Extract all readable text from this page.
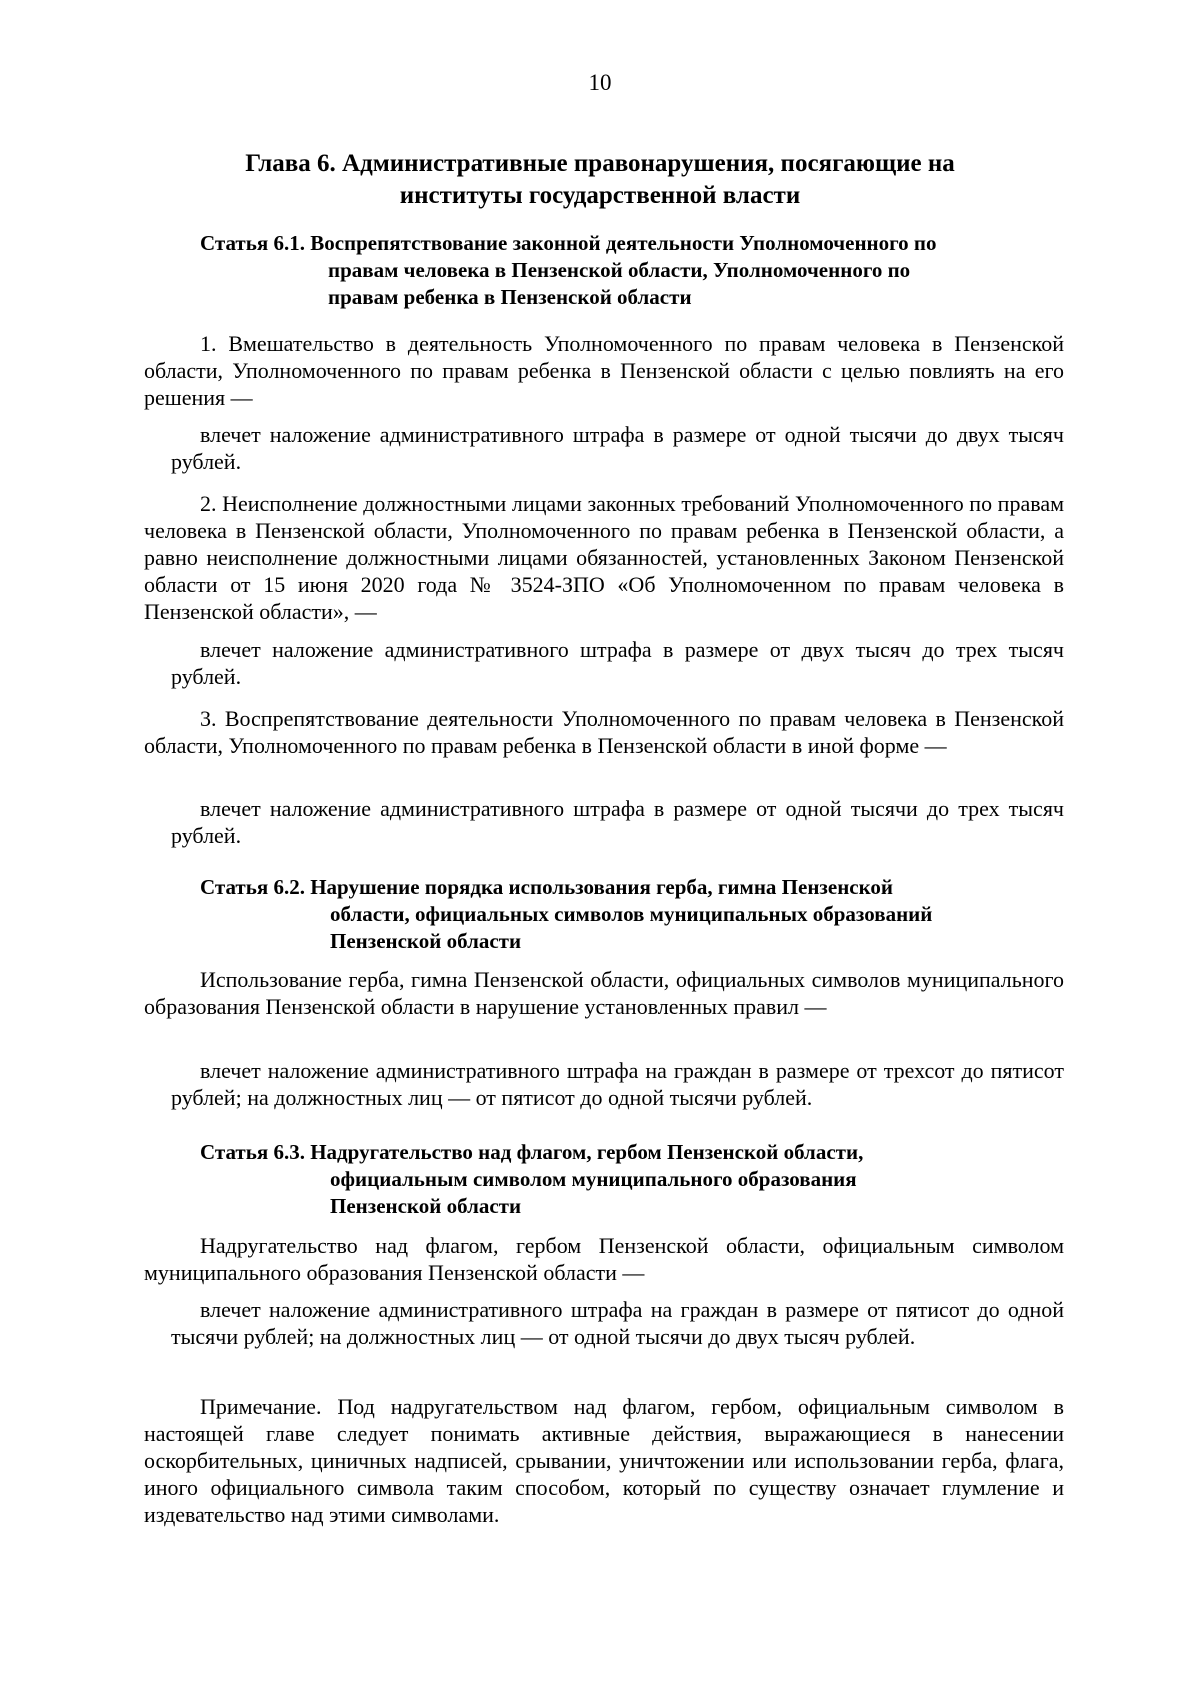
10
Глава 6. Административные правонарушения, посягающие на
институты государственной власти
Статья 6.1. Воспрепятствование законной деятельности Уполномоченного по
правам человека в Пензенской области, Уполномоченного по
правам ребенка в Пензенской области
1. Вмешательство в деятельность Уполномоченного по правам человека в Пензенской области, Уполномоченного по правам ребенка в Пензенской области с целью повлиять на его решения —
влечет наложение административного штрафа в размере от одной тысячи до двух тысяч рублей.
2. Неисполнение должностными лицами законных требований Уполномоченного по правам человека в Пензенской области, Уполномоченного по правам ребенка в Пензенской области, а равно неисполнение должностными лицами обязанностей, установленных Законом Пензенской области от 15 июня 2020 года № 3524-ЗПО «Об Уполномоченном по правам человека в Пензенской области», —
влечет наложение административного штрафа в размере от двух тысяч до трех тысяч рублей.
3. Воспрепятствование деятельности Уполномоченного по правам человека в Пензенской области, Уполномоченного по правам ребенка в Пензенской области в иной форме —
влечет наложение административного штрафа в размере от одной тысячи до трех тысяч рублей.
Статья 6.2. Нарушение порядка использования герба, гимна Пензенской
области, официальных символов муниципальных образований
Пензенской области
Использование герба, гимна Пензенской области, официальных символов муниципального образования Пензенской области в нарушение установленных правил —
влечет наложение административного штрафа на граждан в размере от трехсот до пятисот рублей; на должностных лиц — от пятисот до одной тысячи рублей.
Статья 6.3. Надругательство над флагом, гербом Пензенской области,
официальным символом муниципального образования
Пензенской области
Надругательство над флагом, гербом Пензенской области, официальным символом муниципального образования Пензенской области —
влечет наложение административного штрафа на граждан в размере от пятисот до одной тысячи рублей; на должностных лиц — от одной тысячи до двух тысяч рублей.
Примечание. Под надругательством над флагом, гербом, официальным символом в настоящей главе следует понимать активные действия, выражающиеся в нанесении оскорбительных, циничных надписей, срывании, уничтожении или использовании герба, флага, иного официального символа таким способом, который по существу означает глумление и издевательство над этими символами.
